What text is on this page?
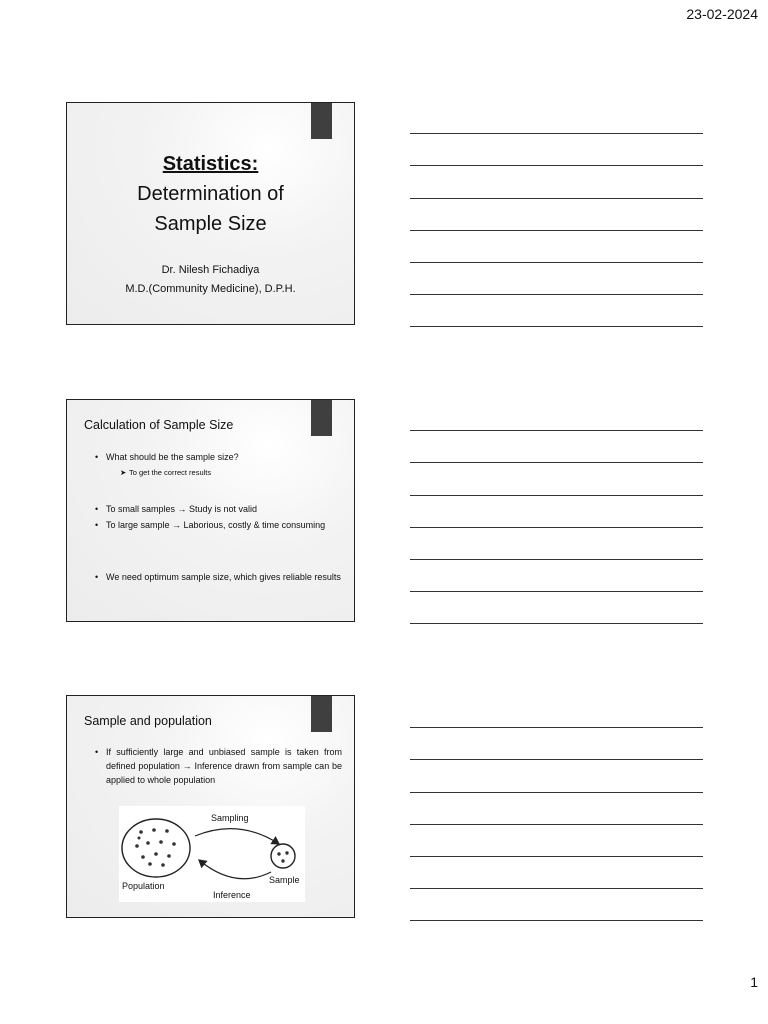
23-02-2024
Statistics:
Determination of
Sample Size
Dr. Nilesh Fichadiya
M.D.(Community Medicine), D.P.H.
Calculation of Sample Size
• What should be the sample size?
➤ To get the correct results
• To small samples → Study is not valid
• To large sample → Laborious, costly & time consuming
• We need optimum sample size, which gives reliable results
Sample and population
• If sufficiently large and unbiased sample is taken from defined population → Inference drawn from sample can be applied to whole population
Sampling
Inference
Population
Sample
1
